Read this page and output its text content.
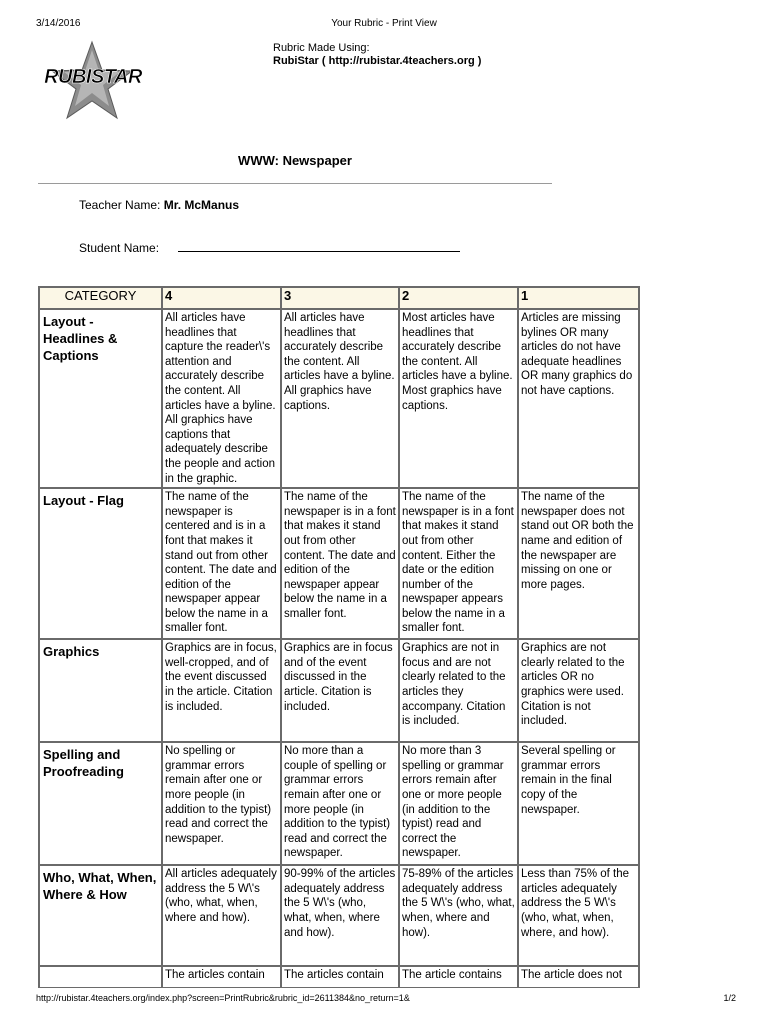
3/14/2016	Your Rubric - Print View
RUBISTAR
Rubric Made Using:
RubiStar ( http://rubistar.4teachers.org )
WWW: Newspaper
Teacher Name: Mr. McManus
Student Name:
CATEGORY	4	3	2	1
Layout - Headlines & Captions	All articles have headlines that capture the reader\'s attention and accurately describe the content. All articles have a byline. All graphics have captions that adequately describe the people and action in the graphic.	All articles have headlines that accurately describe the content. All articles have a byline. All graphics have captions.	Most articles have headlines that accurately describe the content. All articles have a byline. Most graphics have captions.	Articles are missing bylines OR many articles do not have adequate headlines OR many graphics do not have captions.
Layout - Flag	The name of the newspaper is centered and is in a font that makes it stand out from other content. The date and edition of the newspaper appear below the name in a smaller font.	The name of the newspaper is in a font that makes it stand out from other content. The date and edition of the newspaper appear below the name in a smaller font.	The name of the newspaper is in a font that makes it stand out from other content. Either the date or the edition number of the newspaper appears below the name in a smaller font.	The name of the newspaper does not stand out OR both the name and edition of the newspaper are missing on one or more pages.
Graphics	Graphics are in focus, well-cropped, and of the event discussed in the article. Citation is included.	Graphics are in focus and of the event discussed in the article. Citation is included.	Graphics are not in focus and are not clearly related to the articles they accompany. Citation is included.	Graphics are not clearly related to the articles OR no graphics were used. Citation is not included.
Spelling and Proofreading	No spelling or grammar errors remain after one or more people (in addition to the typist) read and correct the newspaper.	No more than a couple of spelling or grammar errors remain after one or more people (in addition to the typist) read and correct the newspaper.	No more than 3 spelling or grammar errors remain after one or more people (in addition to the typist) read and correct the newspaper.	Several spelling or grammar errors remain in the final copy of the newspaper.
Who, What, When, Where & How	All articles adequately address the 5 W\'s (who, what, when, where and how).	90-99% of the articles adequately address the 5 W\'s (who, what, when, where and how).	75-89% of the articles adequately address the 5 W\'s (who, what, when, where and how).	Less than 75% of the articles adequately address the 5 W\'s (who, what, when, where, and how).
	The articles contain	The articles contain	The article contains	The article does not
http://rubistar.4teachers.org/index.php?screen=PrintRubric&rubric_id=2611384&no_return=1&	1/2
